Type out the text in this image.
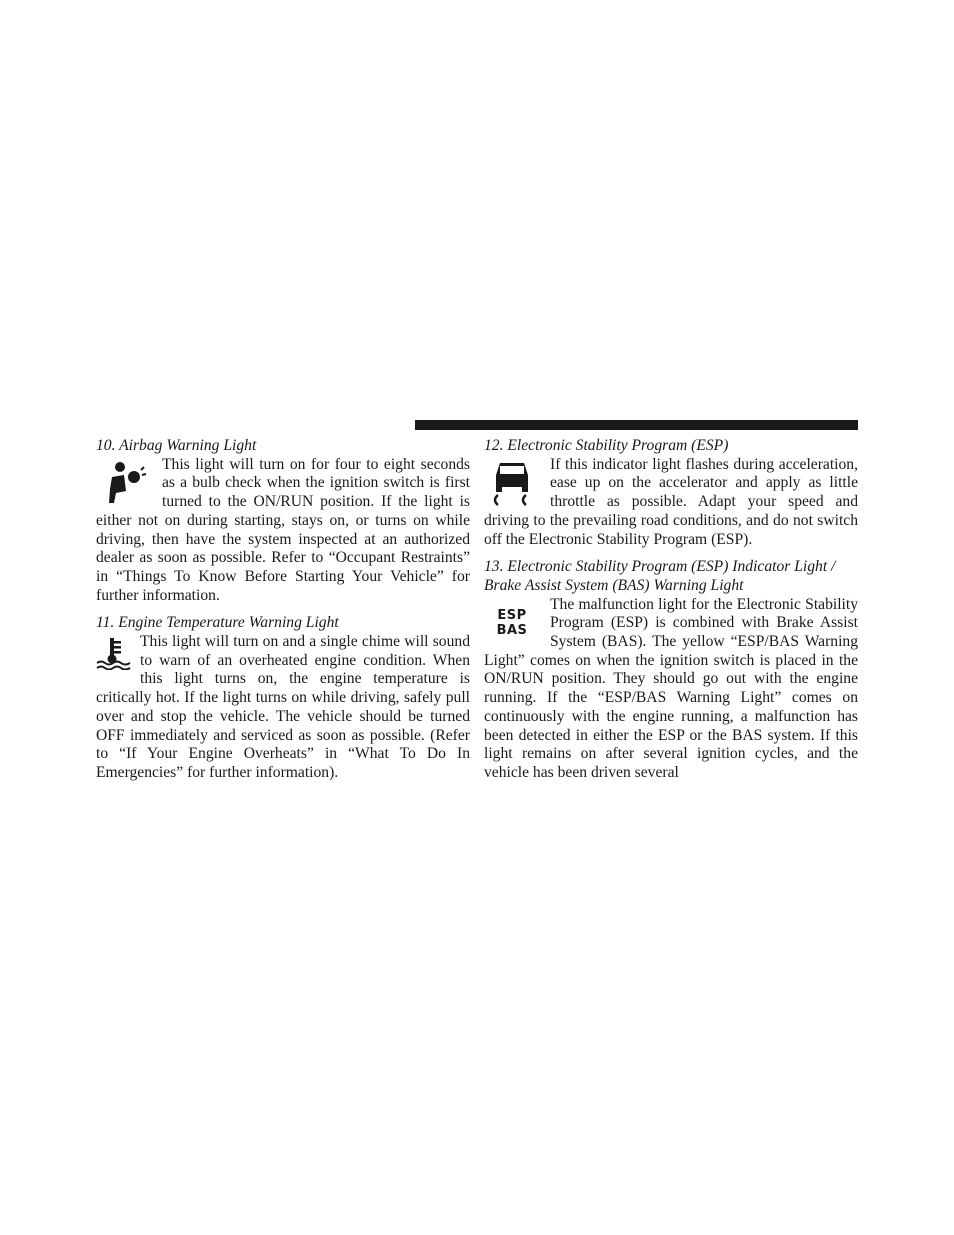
10. Airbag Warning Light

This light will turn on for four to eight seconds as a bulb check when the ignition switch is first turned to the ON/RUN position. If the light is either not on during starting, stays on, or turns on while driving, then have the system inspected at an authorized dealer as soon as possible. Refer to “Occupant Restraints” in “Things To Know Before Starting Your Vehicle” for further information.

11. Engine Temperature Warning Light

This light will turn on and a single chime will sound to warn of an overheated engine condition. When this light turns on, the engine temperature is critically hot. If the light turns on while driving, safely pull over and stop the vehicle. The vehicle should be turned OFF immediately and serviced as soon as possible. (Refer to “If Your Engine Overheats” in “What To Do In Emergencies” for further information).

12. Electronic Stability Program (ESP)

If this indicator light flashes during acceleration, ease up on the accelerator and apply as little throttle as possible. Adapt your speed and driving to the prevailing road conditions, and do not switch off the Electronic Stability Program (ESP).

13. Electronic Stability Program (ESP) Indicator Light / Brake Assist System (BAS) Warning Light

ESP
BAS

The malfunction light for the Electronic Stability Program (ESP) is combined with Brake Assist System (BAS). The yellow “ESP/BAS Warning Light” comes on when the ignition switch is placed in the ON/RUN position. They should go out with the engine running. If the “ESP/BAS Warning Light” comes on continuously with the engine running, a malfunction has been detected in either the ESP or the BAS system. If this light remains on after several ignition cycles, and the vehicle has been driven several
